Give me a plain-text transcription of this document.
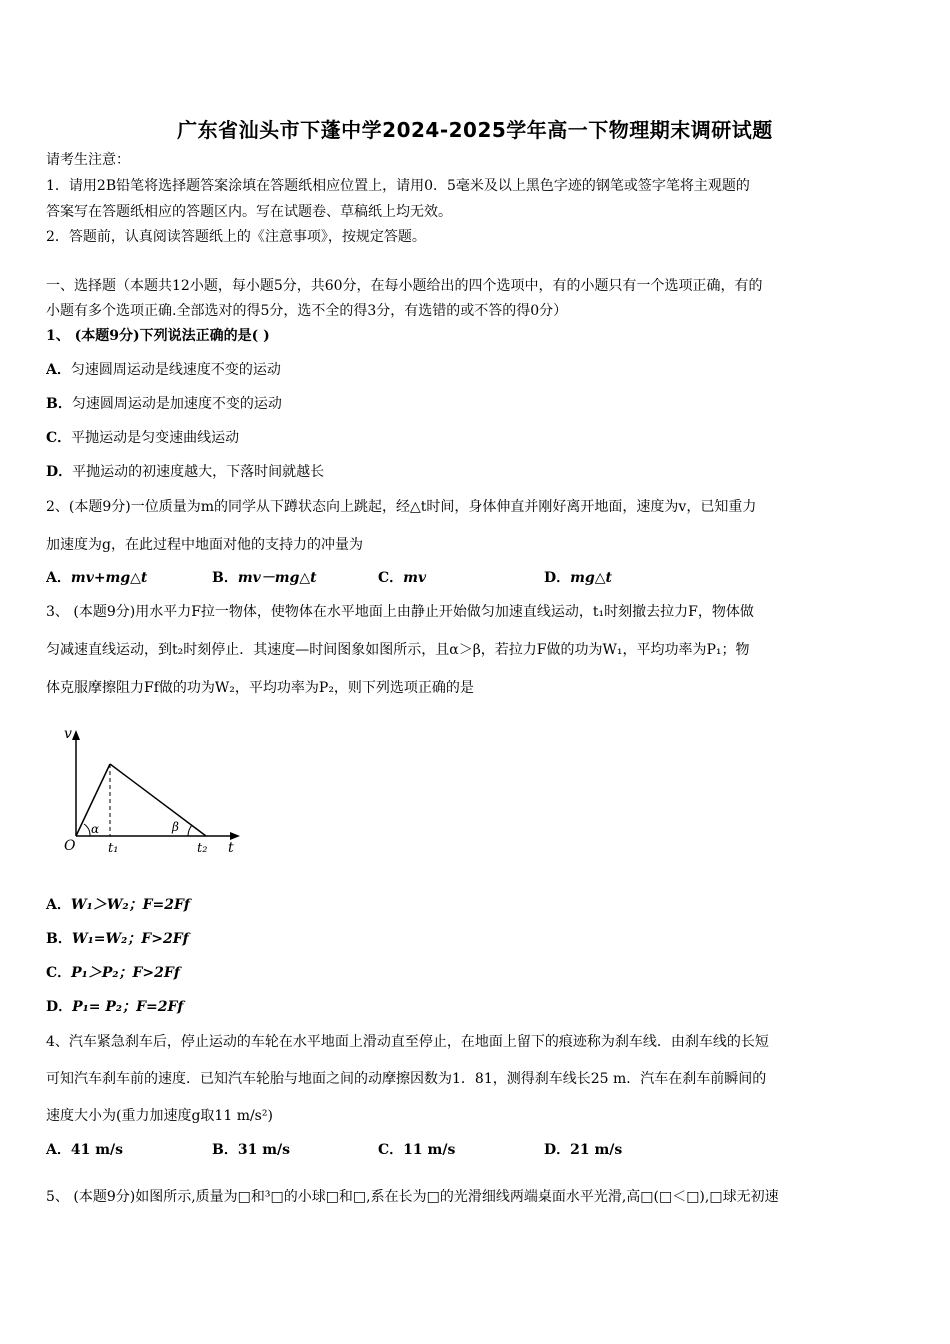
广东省汕头市下蓬中学2024-2025学年高一下物理期末调研试题
请考生注意：
1．请用2B铅笔将选择题答案涂填在答题纸相应位置上，请用0．5毫米及以上黑色字迹的钢笔或签字笔将主观题的
答案写在答题纸相应的答题区内。写在试题卷、草稿纸上均无效。
2．答题前，认真阅读答题纸上的《注意事项》，按规定答题。
一、选择题（本题共12小题，每小题5分，共60分，在每小题给出的四个选项中，有的小题只有一个选项正确，有的
小题有多个选项正确.全部选对的得5分，选不全的得3分，有选错的或不答的得0分）
1、 (本题9分)下列说法正确的是( )
A．匀速圆周运动是线速度不变的运动
B．匀速圆周运动是加速度不变的运动
C．平抛运动是匀变速曲线运动
D．平抛运动的初速度越大，下落时间就越长
2、(本题9分)一位质量为m的同学从下蹲状态向上跳起，经△t时间，身体伸直并刚好离开地面，速度为v，已知重力
加速度为g，在此过程中地面对他的支持力的冲量为
A．mv+mg△t	B．mv－mg△t	C．mv	D．mg△t
3、 (本题9分)用水平力F拉一物体，使物体在水平地面上由静止开始做匀加速直线运动，t₁时刻撤去拉力F，物体做
匀减速直线运动，到t₂时刻停止．其速度—时间图象如图所示，且α＞β，若拉力F做的功为W₁，平均功率为P₁；物
体克服摩擦阻力Ff做的功为W₂，平均功率为P₂，则下列选项正确的是
v
O
α	β
t₁	t₂ t
A．W₁＞W₂；F=2Ff
B．W₁=W₂；F>2Ff
C．P₁＞P₂；F>2Ff
D．P₁= P₂；F=2Ff
4、汽车紧急刹车后，停止运动的车轮在水平地面上滑动直至停止，在地面上留下的痕迹称为刹车线．由刹车线的长短
可知汽车刹车前的速度．已知汽车轮胎与地面之间的动摩擦因数为1．81，测得刹车线长25 m．汽车在刹车前瞬间的
速度大小为(重力加速度g取11 m/s²)
A．41 m/s	B．31 m/s	C．11 m/s	D．21 m/s
5、 (本题9分)如图所示,质量为□和³□的小球□和□,系在长为□的光滑细线两端桌面水平光滑,高□(□＜□),□球无初速
